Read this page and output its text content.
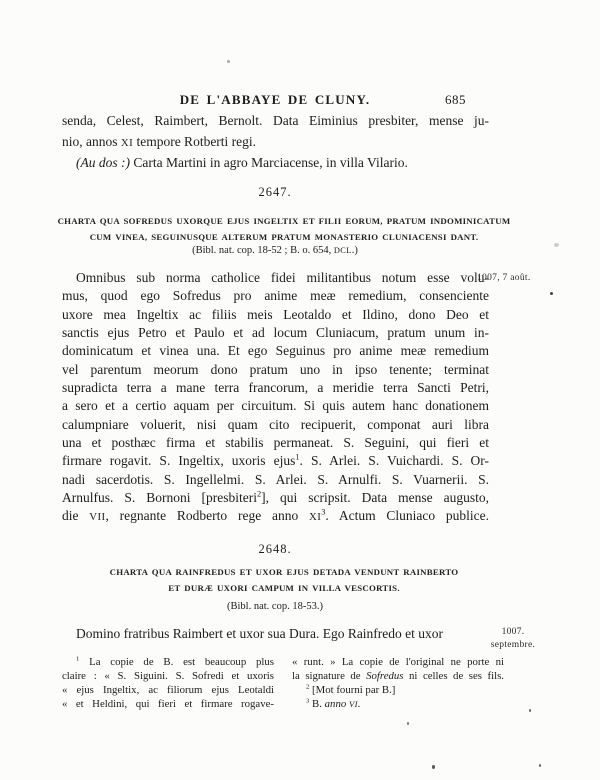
DE L'ABBAYE DE CLUNY.	685
senda, Celest, Raimbert, Bernolt. Data Eiminius presbiter, mense ju-
nio, annos XI tempore Rotberti regi.
(Au dos :) Carta Martini in agro Marciacense, in villa Vilario.
2647.
CHARTA QUA SOFREDUS UXORQUE EJUS INGELTIX ET FILII EORUM, PRATUM INDOMINICATUM
CUM VINEA, SEGUINUSQUE ALTERUM PRATUM MONASTERIO CLUNIACENSI DANT.
(Bibl. nat. cop. 18-52 ; B. o. 654, DCL.)
Omnibus sub norma catholice fidei militantibus notum esse volu-
mus, quod ego Sofredus pro anime meæ remedium, consenciente
uxore mea Ingeltix ac filiis meis Leotaldo et Ildino, dono Deo et
sanctis ejus Petro et Paulo et ad locum Cluniacum, pratum unum in-
dominicatum et vinea una. Et ego Seguinus pro anime meæ remedium
vel parentum meorum dono pratum uno in ipso tenente; terminat
supradicta terra a mane terra francorum, a meridie terra Sancti Petri,
a sero et a certio aquam per circuitum. Si quis autem hanc donationem
calumpniare voluerit, nisi quam cito recipuerit, componat auri libra
una et posthæc firma et stabilis permaneat. S. Seguini, qui fieri et
firmare rogavit. S. Ingeltix, uxoris ejus$^1$. S. Arlei. S. Vuichardi. S. Or-
nadi sacerdotis. S. Ingellelmi. S. Arlei. S. Arnulfi. S. Vuarnerii. S.
Arnulfus. S. Bornoni [presbiteri$^2$], qui scripsit. Data mense augusto,
die VII, regnante Rodberto rege anno $XI^3$. Actum Cluniaco publice.
1007, 7 août.
2648.
CHARTA QUA RAINFREDUS ET UXOR EJUS DETADA VENDUNT RAINBERTO
ET DURÆ UXORI CAMPUM IN VILLA VESCORTIS.
(Bibl. nat. cop. 18-53.)
Domino fratribus Raimbert et uxor sua Dura. Ego Rainfredo et uxor	1007.
septembre.
$^1$ La copie de B. est beaucoup plus
claire : « S. Siguini. S. Sofredi et uxoris
« ejus Ingeltix, ac filiorum ejus Leotaldi
« et Heldini, qui fieri et firmare rogave-
« runt. » La copie de l'original ne porte ni
la signature de Sofredus ni celles de ses fils.
$^2$ [Mot fourni par B.]
$^3$ B. anno VI.
